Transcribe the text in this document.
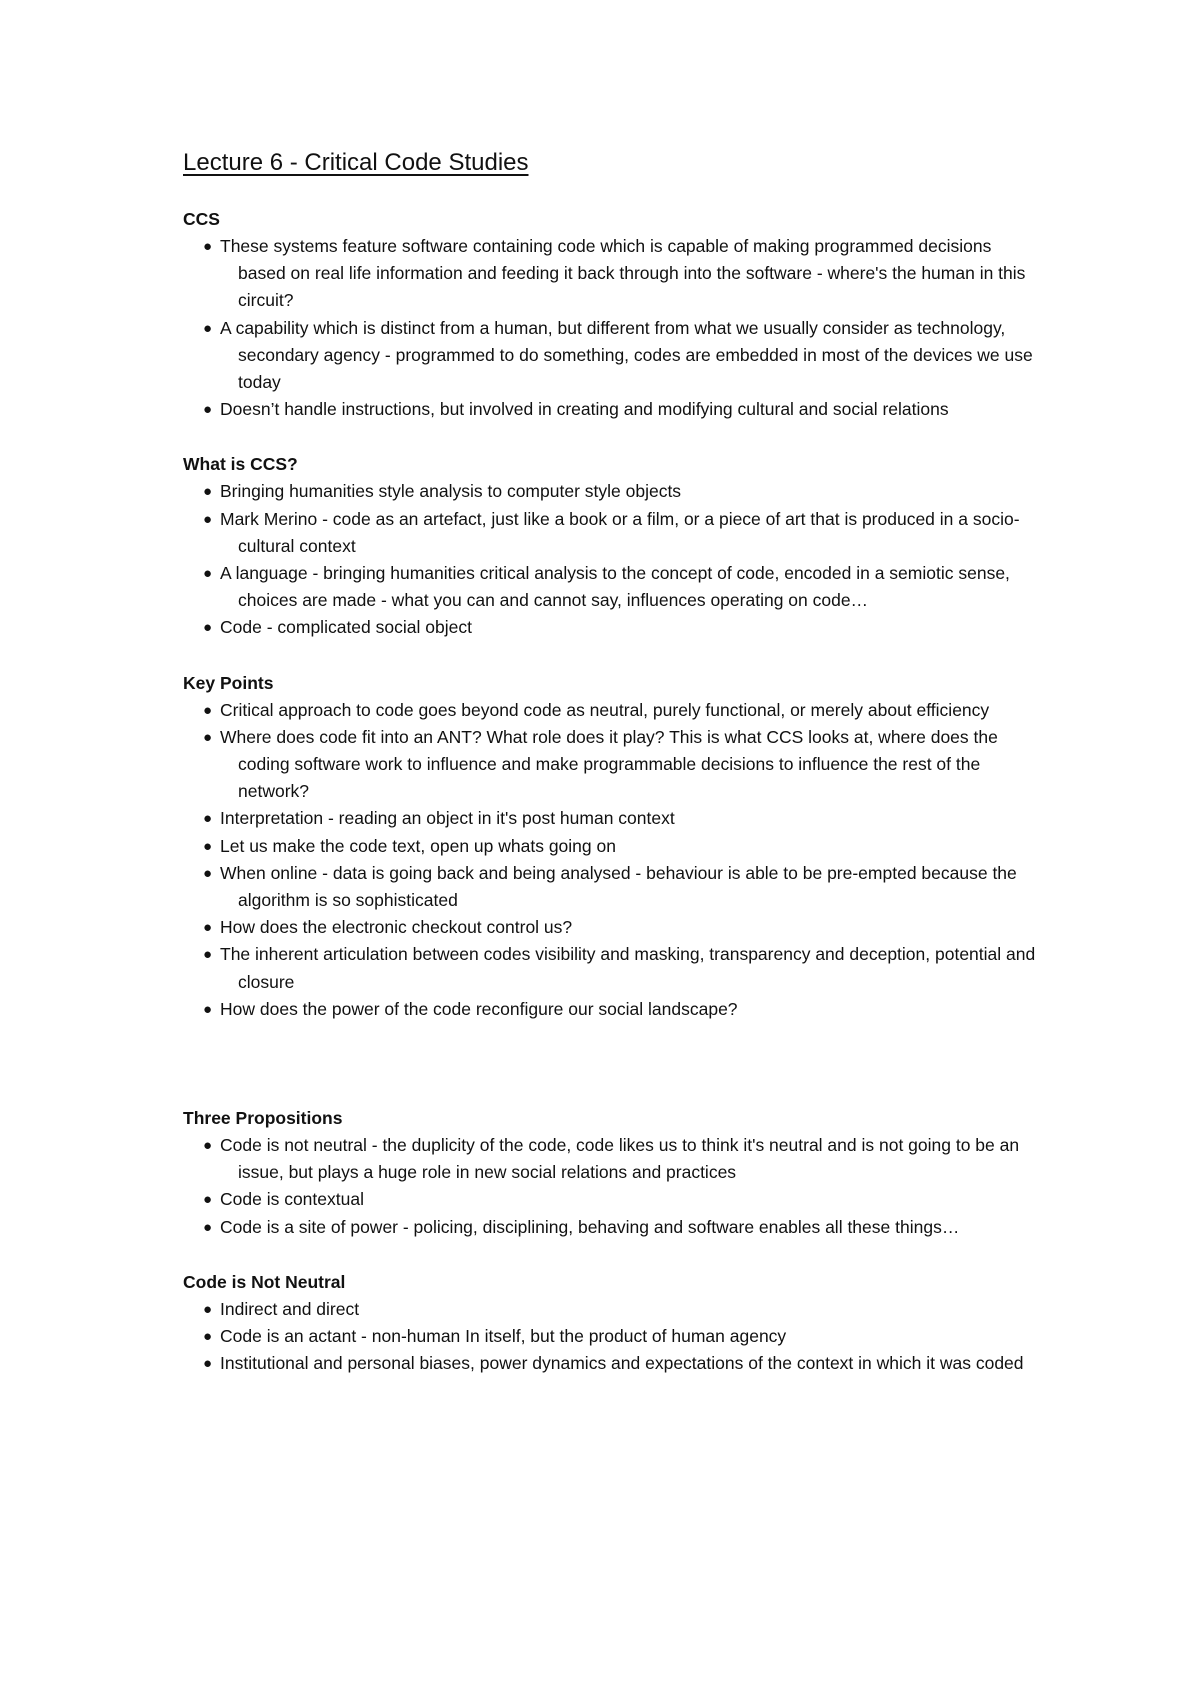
Lecture 6 - Critical Code Studies
CCS
● These systems feature software containing code which is capable of making programmed decisions based on real life information and feeding it back through into the software - where's the human in this circuit?
● A capability which is distinct from a human, but different from what we usually consider as technology, secondary agency - programmed to do something, codes are embedded in most of the devices we use today
● Doesn’t handle instructions, but involved in creating and modifying cultural and social relations
What is CCS?
● Bringing humanities style analysis to computer style objects
● Mark Merino - code as an artefact, just like a book or a film, or a piece of art that is produced in a socio-cultural context
● A language - bringing humanities critical analysis to the concept of code, encoded in a semiotic sense, choices are made - what you can and cannot say, influences operating on code…
● Code - complicated social object
Key Points
● Critical approach to code goes beyond code as neutral, purely functional, or merely about efficiency
● Where does code fit into an ANT? What role does it play? This is what CCS looks at, where does the coding software work to influence and make programmable decisions to influence the rest of the network?
● Interpretation - reading an object in it's post human context
● Let us make the code text, open up whats going on
● When online - data is going back and being analysed - behaviour is able to be pre-empted because the algorithm is so sophisticated
● How does the electronic checkout control us?
● The inherent articulation between codes visibility and masking, transparency and deception, potential and closure
● How does the power of the code reconfigure our social landscape?
Three Propositions
● Code is not neutral - the duplicity of the code, code likes us to think it's neutral and is not going to be an issue, but plays a huge role in new social relations and practices
● Code is contextual
● Code is a site of power - policing, disciplining, behaving and software enables all these things…
Code is Not Neutral
● Indirect and direct
● Code is an actant - non-human In itself, but the product of human agency
● Institutional and personal biases, power dynamics and expectations of the context in which it was coded
